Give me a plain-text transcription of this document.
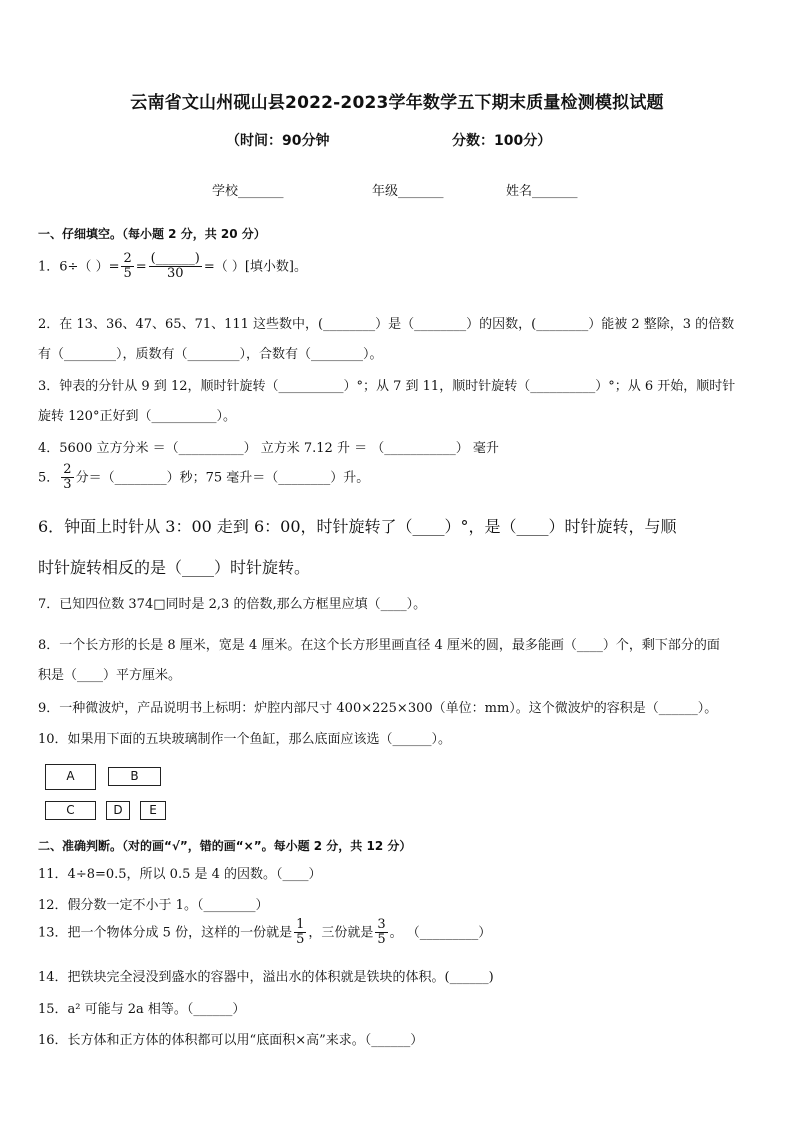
云南省文山州砚山县2022-2023学年数学五下期末质量检测模拟试题
（时间：90分钟	分数：100分）
学校_______	年级_______	姓名_______
一、仔细填空。（每小题 2 分，共 20 分）
1．6÷（ ）= $\frac{2}{5} = \frac{(\_\_\_\_\_\_)}{30}$ =（ ）[填小数]。
2．在 13、36、47、65、71、111 这些数中，(________）是（________）的因数，(________）能被 2 整除，3 的倍数
有（________），质数有（________），合数有（________）。
3．钟表的分针从 9 到 12，顺时针旋转（__________）°；从 7 到 11，顺时针旋转（__________）°；从 6 开始，顺时针
旋转 120°正好到（__________）。
4．5600 立方分米 ＝（__________） 立方米 7.12 升 ＝ （___________） 毫升
5． $\frac{2}{3}$ 分＝（________）秒；75 毫升＝（________）升。
6．钟面上时针从 3：00 走到 6：00，时针旋转了（____）°，是（____）时针旋转，与顺
时针旋转相反的是（____）时针旋转。
7．已知四位数 374□同时是 2,3 的倍数,那么方框里应填（____）。
8．一个长方形的长是 8 厘米，宽是 4 厘米。在这个长方形里画直径 4 厘米的圆，最多能画（____）个，剩下部分的面
积是（____）平方厘米。
9．一种微波炉，产品说明书上标明：炉腔内部尺寸 400×225×300（单位：mm）。这个微波炉的容积是（______）。
10．如果用下面的五块玻璃制作一个鱼缸，那么底面应该选（______）。
A	B
C	D	E
二、准确判断。（对的画“√”，错的画“×”。每小题 2 分，共 12 分）
11．4÷8=0.5，所以 0.5 是 4 的因数。（____）
12．假分数一定不小于 1。（________）
13．把一个物体分成 5 份，这样的一份就是 $\frac{1}{5}$ ，三份就是 $\frac{3}{5}$ 。 （_________）
14．把铁块完全浸没到盛水的容器中，溢出水的体积就是铁块的体积。(______)
15．a² 可能与 2a 相等。（______）
16．长方体和正方体的体积都可以用“底面积×高”来求。（______）
